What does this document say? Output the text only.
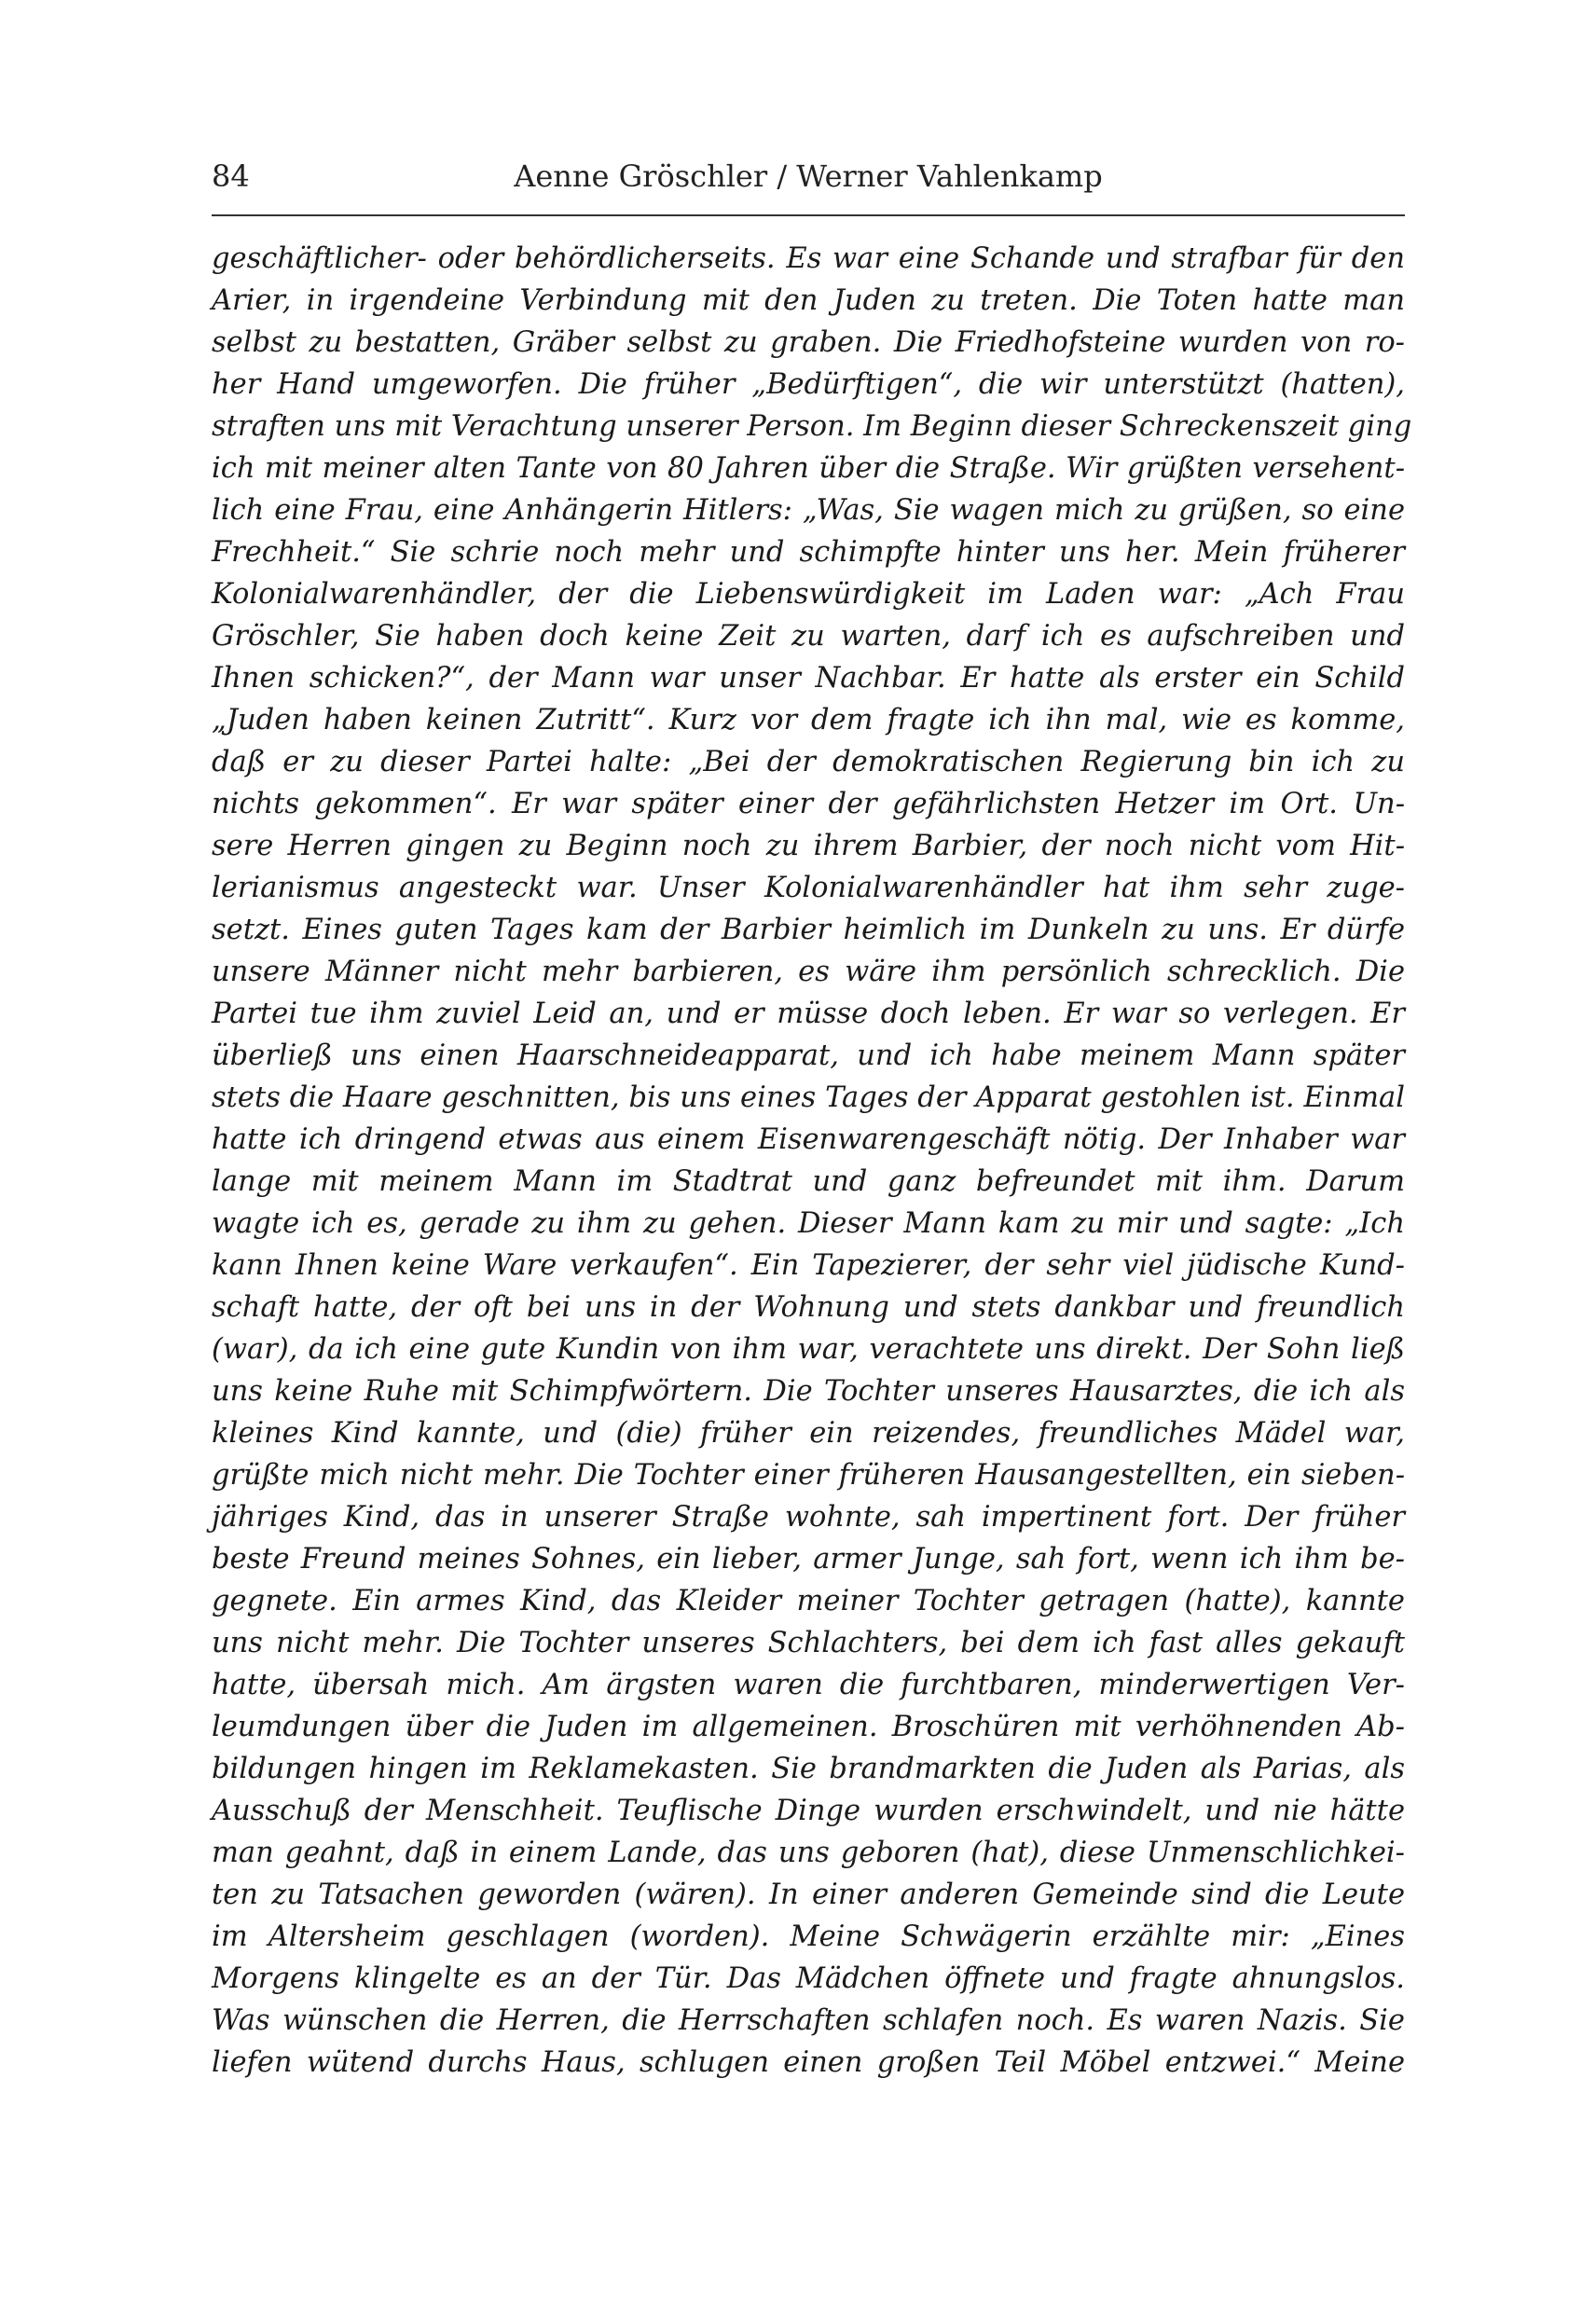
84	Aenne Gröschler / Werner Vahlenkamp
geschäftlicher- oder behördlicherseits. Es war eine Schande und strafbar für den
Arier, in irgendeine Verbindung mit den Juden zu treten. Die Toten hatte man
selbst zu bestatten, Gräber selbst zu graben. Die Friedhofsteine wurden von ro-
her Hand umgeworfen. Die früher „Bedürftigen“, die wir unterstützt (hatten),
straften uns mit Verachtung unserer Person. Im Beginn dieser Schreckenszeit ging
ich mit meiner alten Tante von 80 Jahren über die Straße. Wir grüßten versehent-
lich eine Frau, eine Anhängerin Hitlers: „Was, Sie wagen mich zu grüßen, so eine
Frechheit.“ Sie schrie noch mehr und schimpfte hinter uns her. Mein früherer
Kolonialwarenhändler, der die Liebenswürdigkeit im Laden war: „Ach Frau
Gröschler, Sie haben doch keine Zeit zu warten, darf ich es aufschreiben und
Ihnen schicken?“, der Mann war unser Nachbar. Er hatte als erster ein Schild
„Juden haben keinen Zutritt“. Kurz vor dem fragte ich ihn mal, wie es komme,
daß er zu dieser Partei halte: „Bei der demokratischen Regierung bin ich zu
nichts gekommen“. Er war später einer der gefährlichsten Hetzer im Ort. Un-
sere Herren gingen zu Beginn noch zu ihrem Barbier, der noch nicht vom Hit-
lerianismus angesteckt war. Unser Kolonialwarenhändler hat ihm sehr zuge-
setzt. Eines guten Tages kam der Barbier heimlich im Dunkeln zu uns. Er dürfe
unsere Männer nicht mehr barbieren, es wäre ihm persönlich schrecklich. Die
Partei tue ihm zuviel Leid an, und er müsse doch leben. Er war so verlegen. Er
überließ uns einen Haarschneideapparat, und ich habe meinem Mann später
stets die Haare geschnitten, bis uns eines Tages der Apparat gestohlen ist. Einmal
hatte ich dringend etwas aus einem Eisenwarengeschäft nötig. Der Inhaber war
lange mit meinem Mann im Stadtrat und ganz befreundet mit ihm. Darum
wagte ich es, gerade zu ihm zu gehen. Dieser Mann kam zu mir und sagte: „Ich
kann Ihnen keine Ware verkaufen“. Ein Tapezierer, der sehr viel jüdische Kund-
schaft hatte, der oft bei uns in der Wohnung und stets dankbar und freundlich
(war), da ich eine gute Kundin von ihm war, verachtete uns direkt. Der Sohn ließ
uns keine Ruhe mit Schimpfwörtern. Die Tochter unseres Hausarztes, die ich als
kleines Kind kannte, und (die) früher ein reizendes, freundliches Mädel war,
grüßte mich nicht mehr. Die Tochter einer früheren Hausangestellten, ein sieben-
jähriges Kind, das in unserer Straße wohnte, sah impertinent fort. Der früher
beste Freund meines Sohnes, ein lieber, armer Junge, sah fort, wenn ich ihm be-
gegnete. Ein armes Kind, das Kleider meiner Tochter getragen (hatte), kannte
uns nicht mehr. Die Tochter unseres Schlachters, bei dem ich fast alles gekauft
hatte, übersah mich. Am ärgsten waren die furchtbaren, minderwertigen Ver-
leumdungen über die Juden im allgemeinen. Broschüren mit verhöhnenden Ab-
bildungen hingen im Reklamekasten. Sie brandmarkten die Juden als Parias, als
Ausschuß der Menschheit. Teuflische Dinge wurden erschwindelt, und nie hätte
man geahnt, daß in einem Lande, das uns geboren (hat), diese Unmenschlichkei-
ten zu Tatsachen geworden (wären). In einer anderen Gemeinde sind die Leute
im Altersheim geschlagen (worden). Meine Schwägerin erzählte mir: „Eines
Morgens klingelte es an der Tür. Das Mädchen öffnete und fragte ahnungslos.
Was wünschen die Herren, die Herrschaften schlafen noch. Es waren Nazis. Sie
liefen wütend durchs Haus, schlugen einen großen Teil Möbel entzwei.“ Meine
